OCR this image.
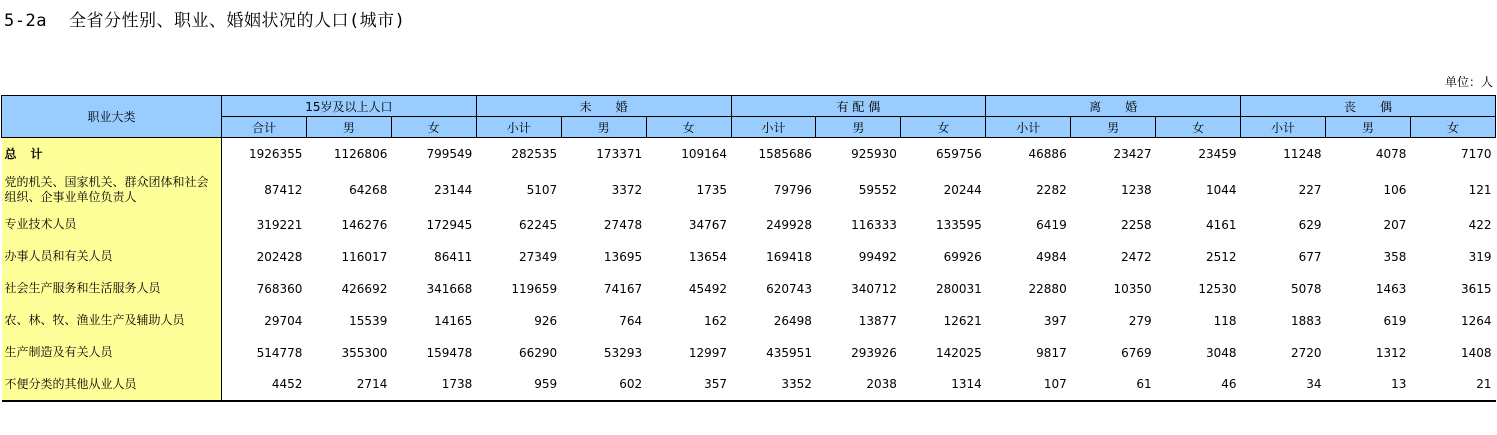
5-2a 全省分性别、职业、婚姻状况的人口(城市)
单位：人
职业大类	15岁及以上人口			未　　婚			有 配 偶			离　　婚			丧　　偶		
	合计	男	女	小计	男	女	小计	男	女	小计	男	女	小计	男	女
总　计	1926355	1126806	799549	282535	173371	109164	1585686	925930	659756	46886	23427	23459	11248	4078	7170
党的机关、国家机关、群众团体和社会组织、企事业单位负责人	87412	64268	23144	5107	3372	1735	79796	59552	20244	2282	1238	1044	227	106	121
专业技术人员	319221	146276	172945	62245	27478	34767	249928	116333	133595	6419	2258	4161	629	207	422
办事人员和有关人员	202428	116017	86411	27349	13695	13654	169418	99492	69926	4984	2472	2512	677	358	319
社会生产服务和生活服务人员	768360	426692	341668	119659	74167	45492	620743	340712	280031	22880	10350	12530	5078	1463	3615
农、林、牧、渔业生产及辅助人员	29704	15539	14165	926	764	162	26498	13877	12621	397	279	118	1883	619	1264
生产制造及有关人员	514778	355300	159478	66290	53293	12997	435951	293926	142025	9817	6769	3048	2720	1312	1408
不便分类的其他从业人员	4452	2714	1738	959	602	357	3352	2038	1314	107	61	46	34	13	21
